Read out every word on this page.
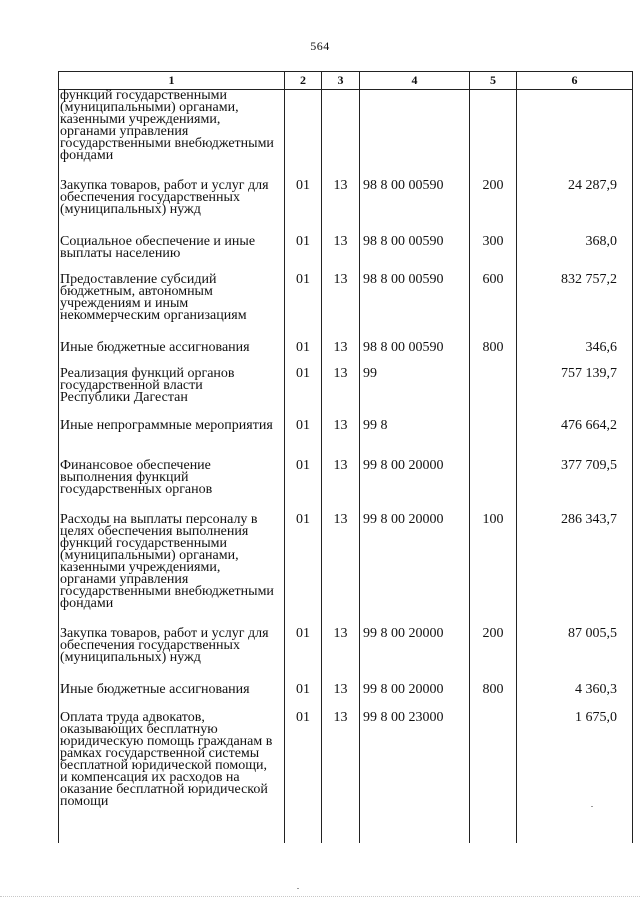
564
1	2	3	4	5	6
функций государственными (муниципальными) органами, казенными учреждениями, органами управления государственными внебюджетными фондами					
Закупка товаров, работ и услуг для обеспечения государственных (муниципальных) нужд	01	13	98 8 00 00590	200	24 287,9
Социальное обеспечение и иные выплаты населению	01	13	98 8 00 00590	300	368,0
Предоставление субсидий бюджетным, автономным учреждениям и иным некоммерческим организациям	01	13	98 8 00 00590	600	832 757,2
Иные бюджетные ассигнования	01	13	98 8 00 00590	800	346,6
Реализация функций органов государственной власти Республики Дагестан	01	13	99		757 139,7
Иные непрограммные мероприятия	01	13	99 8		476 664,2
Финансовое обеспечение выполнения функций государственных органов	01	13	99 8 00 20000		377 709,5
Расходы на выплаты персоналу в целях обеспечения выполнения функций государственными (муниципальными) органами, казенными учреждениями, органами управления государственными внебюджетными фондами	01	13	99 8 00 20000	100	286 343,7
Закупка товаров, работ и услуг для обеспечения государственных (муниципальных) нужд	01	13	99 8 00 20000	200	87 005,5
Иные бюджетные ассигнования	01	13	99 8 00 20000	800	4 360,3
Оплата труда адвокатов, оказывающих бесплатную юридическую помощь гражданам в рамках государственной системы бесплатной юридической помощи, и компенсация их расходов на оказание бесплатной юридической помощи	01	13	99 8 00 23000		1 675,0
